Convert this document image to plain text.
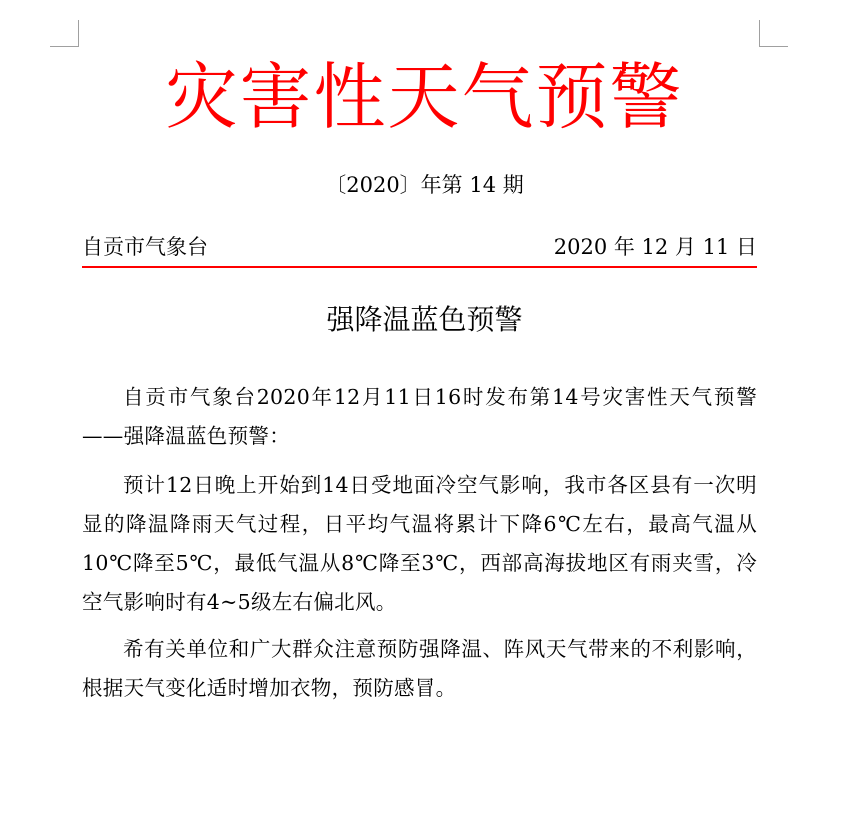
灾害性天气预警
〔2020〕年第 14 期
自贡市气象台	2020 年 12 月 11 日
强降温蓝色预警

自贡市气象台2020年12月11日16时发布第14号灾害性天气预警——强降温蓝色预警：

预计12日晚上开始到14日受地面冷空气影响，我市各区县有一次明显的降温降雨天气过程，日平均气温将累计下降6℃左右，最高气温从10℃降至5℃，最低气温从8℃降至3℃，西部高海拔地区有雨夹雪，冷空气影响时有4~5级左右偏北风。

希有关单位和广大群众注意预防强降温、阵风天气带来的不利影响，根据天气变化适时增加衣物，预防感冒。
